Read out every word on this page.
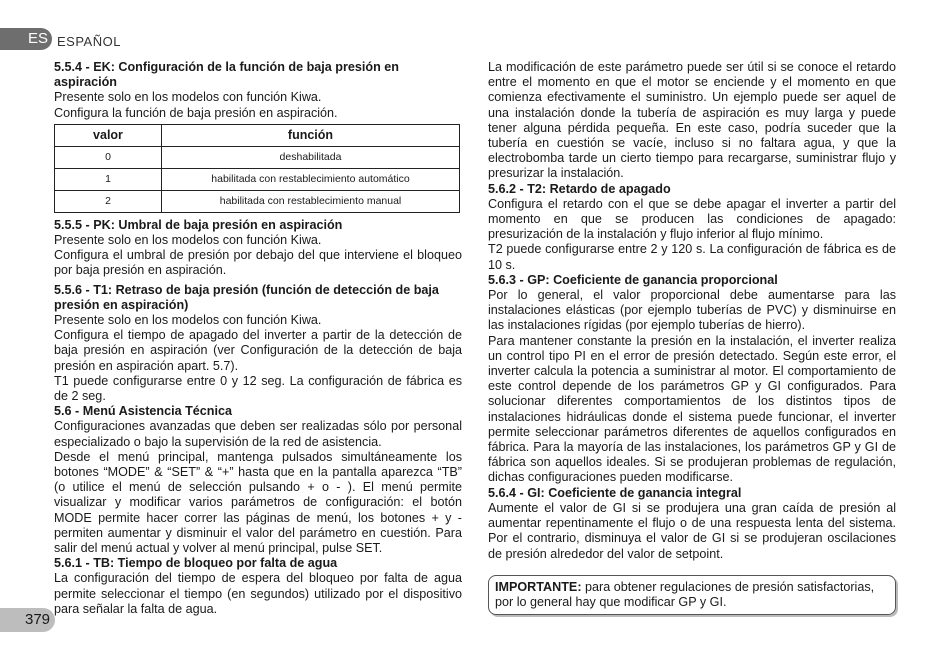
ES ESPAÑOL
5.5.4 - EK: Configuración de la función de baja presión en aspiración

Presente solo en los modelos con función Kiwa.

Configura la función de baja presión en aspiración.

valor	función
0	deshabilitada
1	habilitada con restablecimiento automático
2	habilitada con restablecimiento manual
5.5.5 - PK: Umbral de baja presión en aspiración

Presente solo en los modelos con función Kiwa.

Configura el umbral de presión por debajo del que interviene el bloqueo por baja presión en aspiración.

5.5.6 - T1: Retraso de baja presión (función de detección de baja presión en aspiración)

Presente solo en los modelos con función Kiwa.

Configura el tiempo de apagado del inverter a partir de la detección de baja presión en aspiración (ver Configuración de la detección de baja presión en aspiración apart. 5.7).

T1 puede configurarse entre 0 y 12 seg. La configuración de fábrica es de 2 seg.

5.6 - Menú Asistencia Técnica

Configuraciones avanzadas que deben ser realizadas sólo por personal especializado o bajo la supervisión de la red de asistencia.

Desde el menú principal, mantenga pulsados simultáneamente los botones “MODE” & “SET” & “+” hasta que en la pantalla aparezca “TB” (o utilice el menú de selección pulsando + o - ). El menú permite visualizar y modificar varios parámetros de configuración: el botón MODE permite hacer correr las páginas de menú, los botones + y - permiten aumentar y disminuir el valor del parámetro en cuestión. Para salir del menú actual y volver al menú principal, pulse SET.

5.6.1 - TB: Tiempo de bloqueo por falta de agua

La configuración del tiempo de espera del bloqueo por falta de agua permite seleccionar el tiempo (en segundos) utilizado por el dispositivo para señalar la falta de agua.

La modificación de este parámetro puede ser útil si se conoce el retardo entre el momento en que el motor se enciende y el momento en que comienza efectivamente el suministro. Un ejemplo puede ser aquel de una instalación donde la tubería de aspiración es muy larga y puede tener alguna pérdida pequeña. En este caso, podría suceder que la tubería en cuestión se vacíe, incluso si no faltara agua, y que la electrobomba tarde un cierto tiempo para recargarse, suministrar flujo y presurizar la instalación.

5.6.2 - T2: Retardo de apagado

Configura el retardo con el que se debe apagar el inverter a partir del momento en que se producen las condiciones de apagado: presurización de la instalación y flujo inferior al flujo mínimo.

T2 puede configurarse entre 2 y 120 s. La configuración de fábrica es de 10 s.

5.6.3 - GP: Coeficiente de ganancia proporcional

Por lo general, el valor proporcional debe aumentarse para las instalaciones elásticas (por ejemplo tuberías de PVC) y disminuirse en las instalaciones rígidas (por ejemplo tuberías de hierro).

Para mantener constante la presión en la instalación, el inverter realiza un control tipo PI en el error de presión detectado. Según este error, el inverter calcula la potencia a suministrar al motor. El comportamiento de este control depende de los parámetros GP y GI configurados. Para solucionar diferentes comportamientos de los distintos tipos de instalaciones hidráulicas donde el sistema puede funcionar, el inverter permite seleccionar parámetros diferentes de aquellos configurados en fábrica. Para la mayoría de las instalaciones, los parámetros GP y GI de fábrica son aquellos ideales. Si se produjeran problemas de regulación, dichas configuraciones pueden modificarse.

5.6.4 - GI: Coeficiente de ganancia integral

Aumente el valor de GI si se produjera una gran caída de presión al aumentar repentinamente el flujo o de una respuesta lenta del sistema. Por el contrario, disminuya el valor de GI si se produjeran oscilaciones de presión alrededor del valor de setpoint.

IMPORTANTE: para obtener regulaciones de presión satisfactorias, por lo general hay que modificar GP y GI.
379
